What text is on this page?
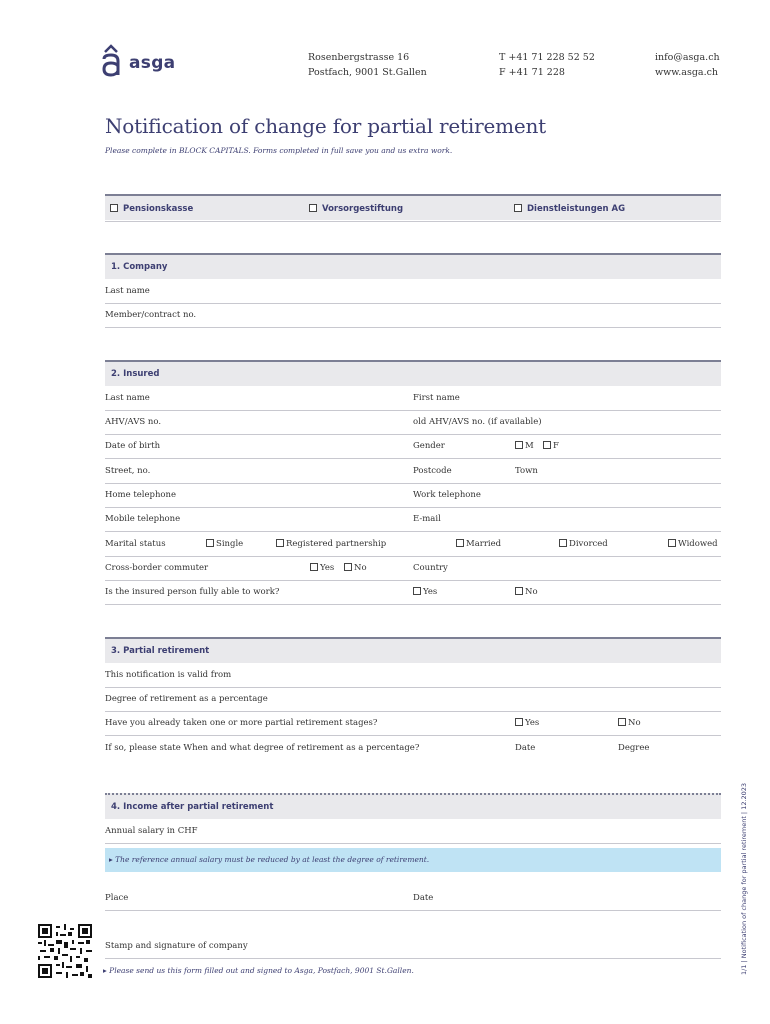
asga	Rosenbergstrasse 16
Postfach, 9001 St.Gallen
T +41 71 228 52 52
F +41 71 228
info@asga.ch
www.asga.ch
Notification of change for partial retirement
Please complete in BLOCK CAPITALS. Forms completed in full save you and us extra work.
Pensionskasse	Vorsorgestiftung	Dienstleistungen AG
1. Company
Last name
Member/contract no.
2. Insured
Last name	First name
AHV/AVS no.	old AHV/AVS no. (if available)
Date of birth	Gender	M	F
Street, no.	Postcode	Town
Home telephone	Work telephone
Mobile telephone	E-mail
Marital status	Single	Registered partnership	Married	Divorced	Widowed
Cross-border commuter	Yes	No	Country
Is the insured person fully able to work?	Yes	No
3. Partial retirement
This notification is valid from
Degree of retirement as a percentage
Have you already taken one or more partial retirement stages?	Yes	No
If so, please state When and what degree of retirement as a percentage?	Date	Degree
4. Income after partial retirement
Annual salary in CHF
▸ The reference annual salary must be reduced by at least the degree of retirement.
Place	Date
Stamp and signature of company
▸ Please send us this form filled out and signed to Asga, Postfach, 9001 St.Gallen.	1/1 | Notification of change for partial retirement | 12.2023
